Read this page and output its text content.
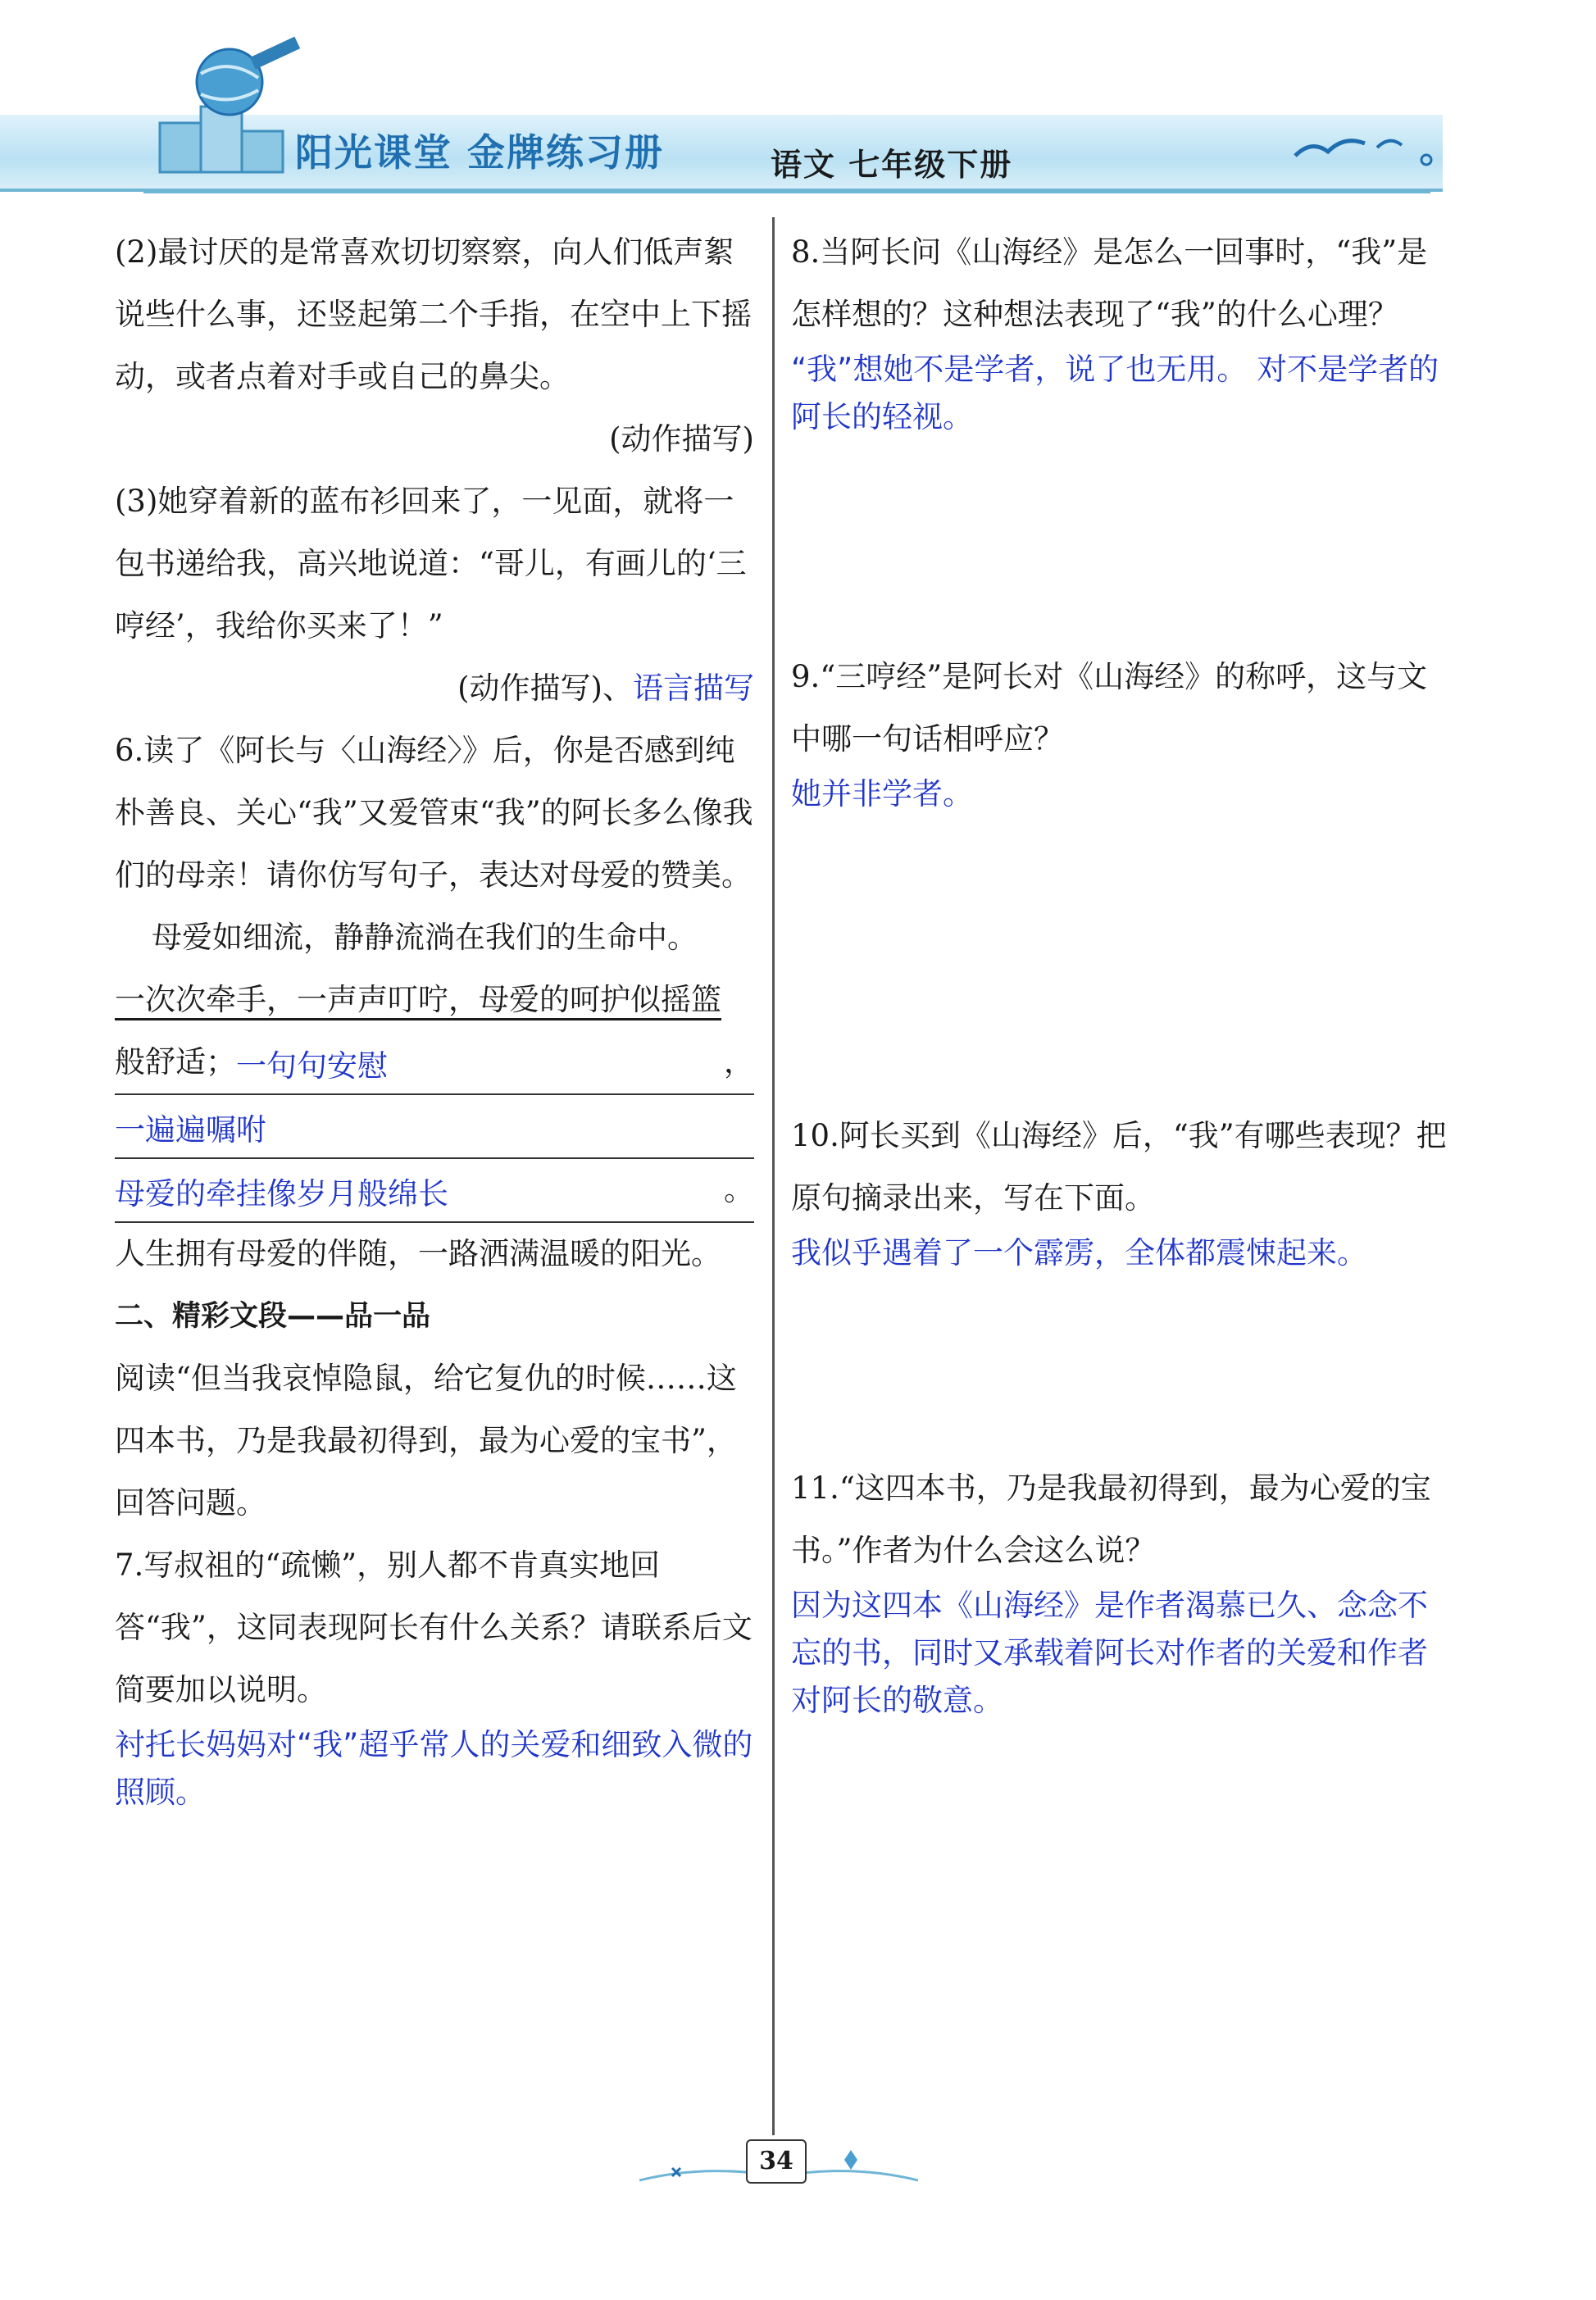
阳光课堂 金牌练习册	语文 七年级下册

(2)最讨厌的是常喜欢切切察察，向人们低声絮说些什么事，还竖起第二个手指，在空中上下摇动，或者点着对手或自己的鼻尖。

(动作描写)

(3)她穿着新的蓝布衫回来了，一见面，就将一包书递给我，高兴地说道：“哥儿，有画儿的‘三哼经’，我给你买来了！”

(动作描写)、语言描写

6.读了《阿长与〈山海经〉》后，你是否感到纯朴善良、关心“我”又爱管束“我”的阿长多么像我们的母亲！请你仿写句子，表达对母爱的赞美。

母爱如细流，静静流淌在我们的生命中。

一次次牵手，一声声叮咛，母爱的呵护似摇篮

般舒适； 一句句安慰	，
一遍遍嘱咐
母爱的牵挂像岁月般绵长	。

人生拥有母爱的伴随，一路洒满温暖的阳光。

二、精彩文段——品一品

阅读“但当我哀悼隐鼠，给它复仇的时候……这四本书，乃是我最初得到，最为心爱的宝书”，回答问题。

7.写叔祖的“疏懒”，别人都不肯真实地回答“我”，这同表现阿长有什么关系？请联系后文简要加以说明。

衬托长妈妈对“我”超乎常人的关爱和细致入微的照顾。

8.当阿长问《山海经》是怎么一回事时，“我”是怎样想的？这种想法表现了“我”的什么心理？

“我”想她不是学者，说了也无用。 对不是学者的阿长的轻视。

9.“三哼经”是阿长对《山海经》的称呼，这与文中哪一句话相呼应？

她并非学者。

10.阿长买到《山海经》后，“我”有哪些表现？把原句摘录出来，写在下面。

我似乎遇着了一个霹雳，全体都震悚起来。

11.“这四本书，乃是我最初得到，最为心爱的宝书。”作者为什么会这么说？

因为这四本《山海经》是作者渴慕已久、念念不忘的书，同时又承载着阿长对作者的关爱和作者对阿长的敬意。

34
